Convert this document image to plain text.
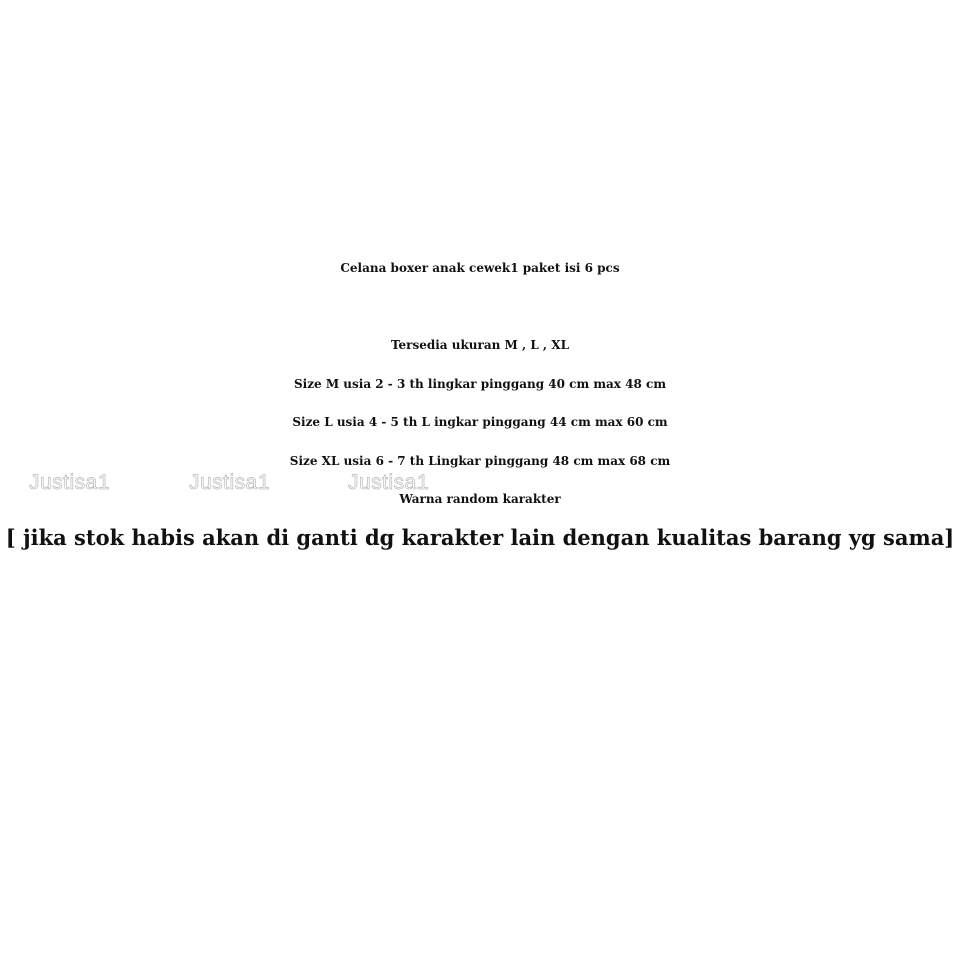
Justisa1	Justisa1	Justisa1
Celana boxer anak cewek1 paket isi 6 pcs
Tersedia ukuran M , L , XL
Size M usia 2 - 3 th lingkar pinggang 40 cm max 48 cm
Size L usia 4 - 5 th L ingkar pinggang 44 cm max 60 cm
Size XL usia 6 - 7 th Lingkar pinggang 48 cm max 68 cm
Warna random karakter
[ jika stok habis akan di ganti dg karakter lain dengan kualitas barang yg sama]
